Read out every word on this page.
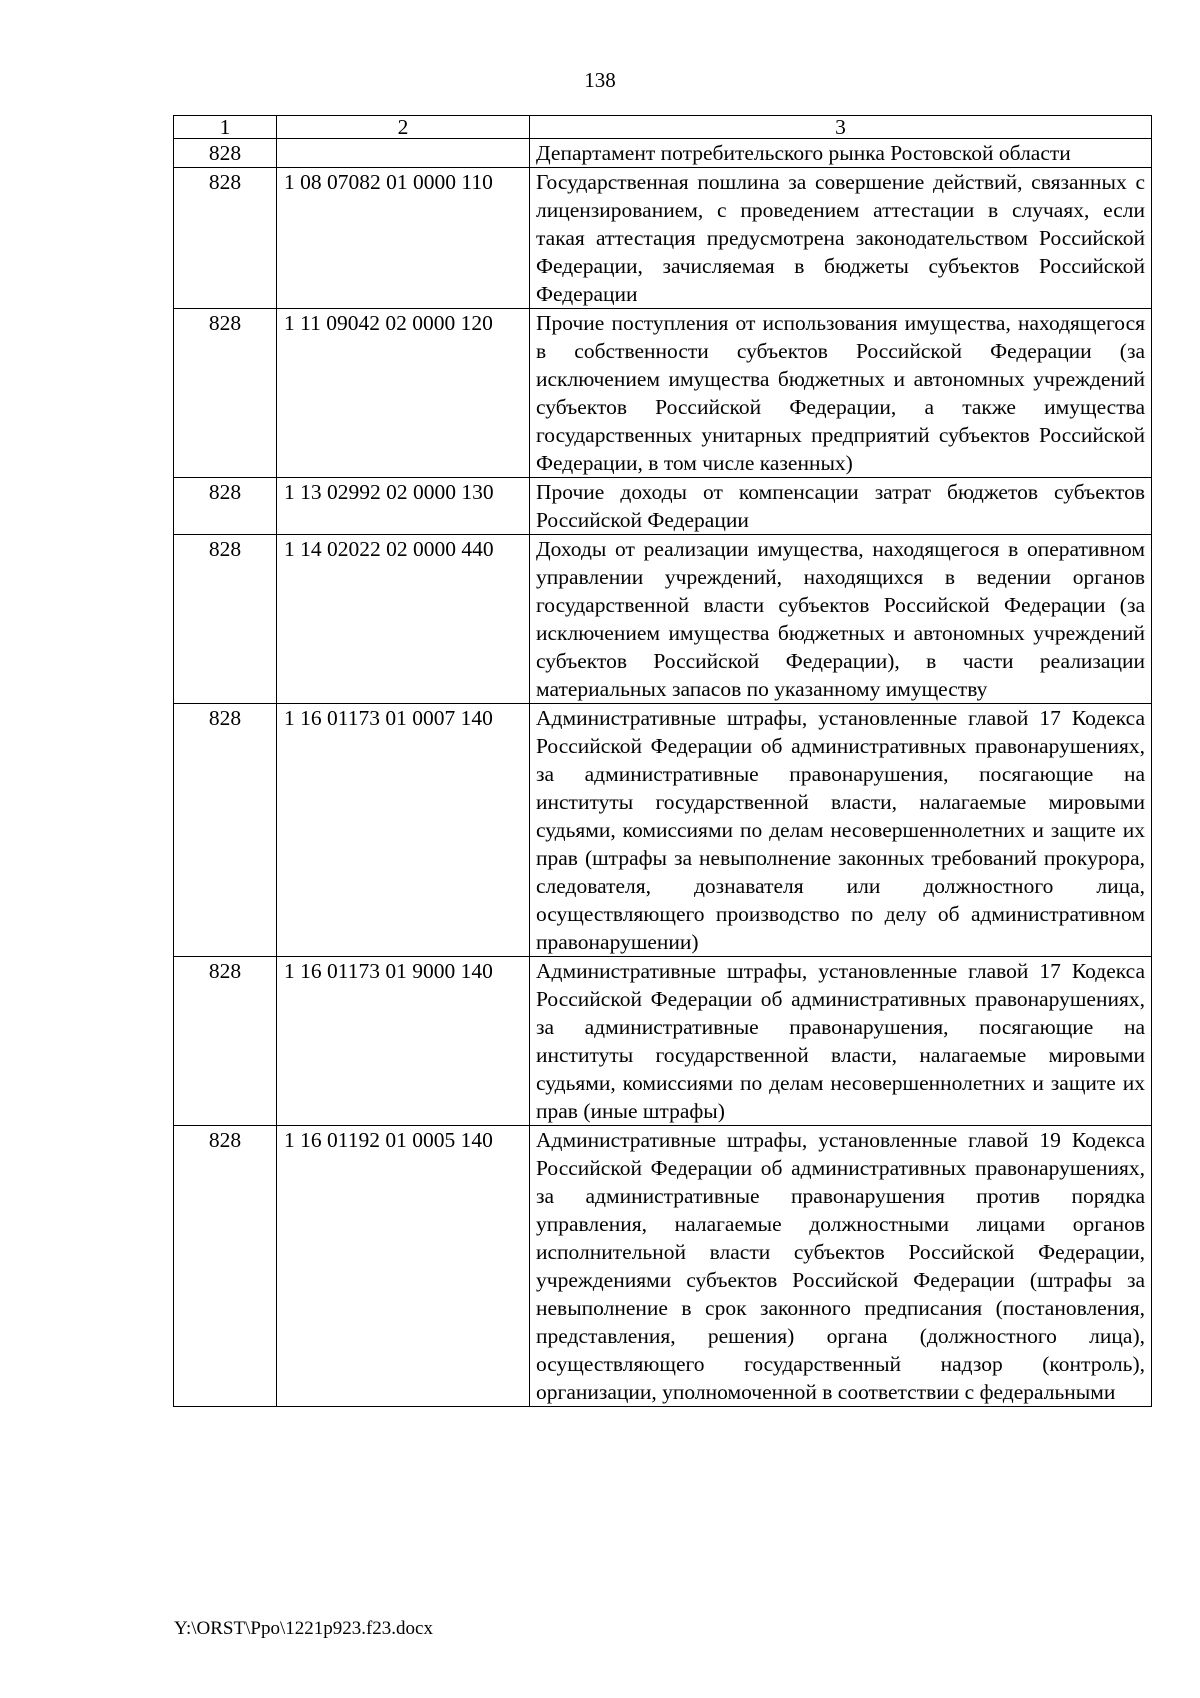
138
1	2	3
828		Департамент потребительского рынка Ростовской области
828	1 08 07082 01 0000 110	Государственная пошлина за совершение действий, связанных с лицензированием, с проведением аттестации в случаях, если такая аттестация предусмотрена законодательством Российской Федерации, зачисляемая в бюджеты субъектов Российской Федерации
828	1 11 09042 02 0000 120	Прочие поступления от использования имущества, находящегося в собственности субъектов Российской Федерации (за исключением имущества бюджетных и автономных учреждений субъектов Российской Федерации, а также имущества государственных унитарных предприятий субъектов Российской Федерации, в том числе казенных)
828	1 13 02992 02 0000 130	Прочие доходы от компенсации затрат бюджетов субъектов Российской Федерации
828	1 14 02022 02 0000 440	Доходы от реализации имущества, находящегося в оперативном управлении учреждений, находящихся в ведении органов государственной власти субъектов Российской Федерации (за исключением имущества бюджетных и автономных учреждений субъектов Российской Федерации), в части реализации материальных запасов по указанному имуществу
828	1 16 01173 01 0007 140	Административные штрафы, установленные главой 17 Кодекса Российской Федерации об административных правонарушениях, за административные правонарушения, посягающие на институты государственной власти, налагаемые мировыми судьями, комиссиями по делам несовершеннолетних и защите их прав (штрафы за невыполнение законных требований прокурора, следователя, дознавателя или должностного лица, осуществляющего производство по делу об административном правонарушении)
828	1 16 01173 01 9000 140	Административные штрафы, установленные главой 17 Кодекса Российской Федерации об административных правонарушениях, за административные правонарушения, посягающие на институты государственной власти, налагаемые мировыми судьями, комиссиями по делам несовершеннолетних и защите их прав (иные штрафы)
828	1 16 01192 01 0005 140	Административные штрафы, установленные главой 19 Кодекса Российской Федерации об административных правонарушениях, за административные правонарушения против порядка управления, налагаемые должностными лицами органов исполнительной власти субъектов Российской Федерации, учреждениями субъектов Российской Федерации (штрафы за невыполнение в срок законного предписания (постановления, представления, решения) органа (должностного лица), осуществляющего государственный надзор (контроль), организации, уполномоченной в соответствии с федеральными
Y:\ORST\Ppo\1221p923.f23.docx
